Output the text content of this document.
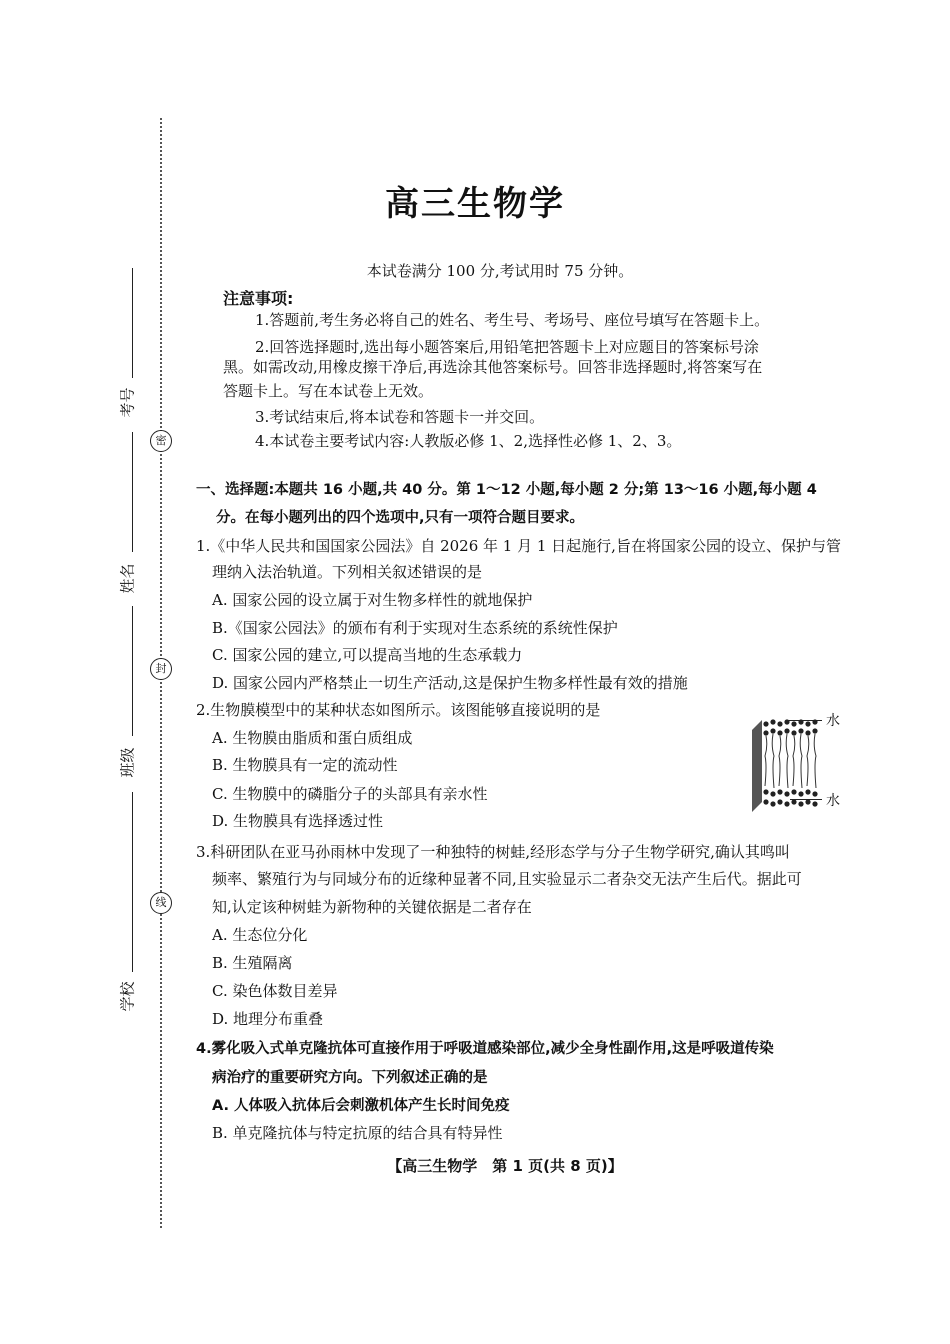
考号
姓名
班级
学校
密
封
线
高三生物学
本试卷满分 100 分,考试用时 75 分钟。
注意事项:
1.答题前,考生务必将自己的姓名、考生号、考场号、座位号填写在答题卡上。
2.回答选择题时,选出每小题答案后,用铅笔把答题卡上对应题目的答案标号涂
黑。如需改动,用橡皮擦干净后,再选涂其他答案标号。回答非选择题时,将答案写在
答题卡上。写在本试卷上无效。
3.考试结束后,将本试卷和答题卡一并交回。
4.本试卷主要考试内容:人教版必修 1、2,选择性必修 1、2、3。
一、选择题:本题共 16 小题,共 40 分。第 1～12 小题,每小题 2 分;第 13～16 小题,每小题 4
分。在每小题列出的四个选项中,只有一项符合题目要求。
1.《中华人民共和国国家公园法》自 2026 年 1 月 1 日起施行,旨在将国家公园的设立、保护与管
理纳入法治轨道。下列相关叙述错误的是
A. 国家公园的设立属于对生物多样性的就地保护
B.《国家公园法》的颁布有利于实现对生态系统的系统性保护
C. 国家公园的建立,可以提高当地的生态承载力
D. 国家公园内严格禁止一切生产活动,这是保护生物多样性最有效的措施
2.生物膜模型中的某种状态如图所示。该图能够直接说明的是
A. 生物膜由脂质和蛋白质组成
B. 生物膜具有一定的流动性
C. 生物膜中的磷脂分子的头部具有亲水性
D. 生物膜具有选择透过性
水
水
3.科研团队在亚马孙雨林中发现了一种独特的树蛙,经形态学与分子生物学研究,确认其鸣叫
频率、繁殖行为与同域分布的近缘种显著不同,且实验显示二者杂交无法产生后代。据此可
知,认定该种树蛙为新物种的关键依据是二者存在
A. 生态位分化
B. 生殖隔离
C. 染色体数目差异
D. 地理分布重叠
4.雾化吸入式单克隆抗体可直接作用于呼吸道感染部位,减少全身性副作用,这是呼吸道传染
病治疗的重要研究方向。下列叙述正确的是
A. 人体吸入抗体后会刺激机体产生长时间免疫
B. 单克隆抗体与特定抗原的结合具有特异性
【高三生物学　第 1 页(共 8 页)】
